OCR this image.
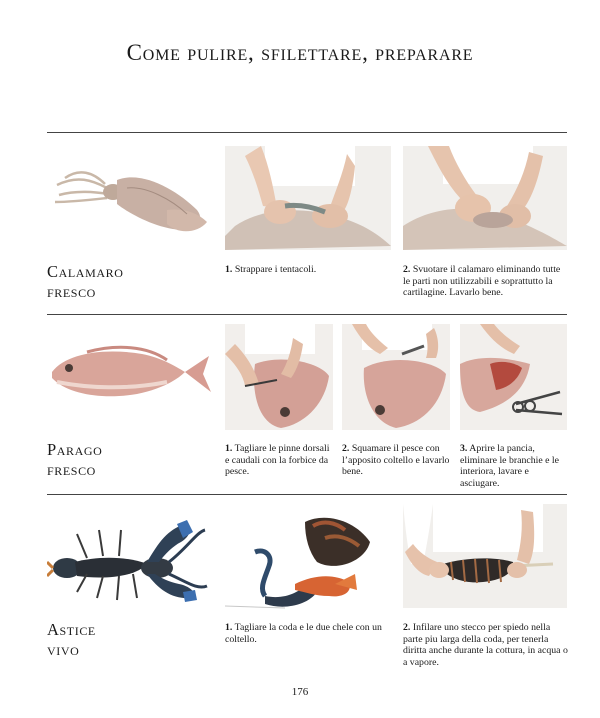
Come pulire, sfilettare, preparare
Calamaro
fresco
1. Strappare i tentacoli.	2. Svuotare il calamaro eliminando tutte le parti non utilizzabili e soprattutto la cartilagine. Lavarlo bene.
Parago
fresco
1. Tagliare le pinne dorsali e caudali con la forbice da pesce.
2. Squamare il pesce con l’apposito coltello e lavarlo bene.
3. Aprire la pancia, eliminare le branchie e le interiora, lavare e asciugare.
Astice
vivo
1. Tagliare la coda e le due chele con un coltello.
2. Infilare uno stecco per spiedo nella parte piu larga della coda, per tenerla diritta anche durante la cottura, in acqua o a vapore.
176
